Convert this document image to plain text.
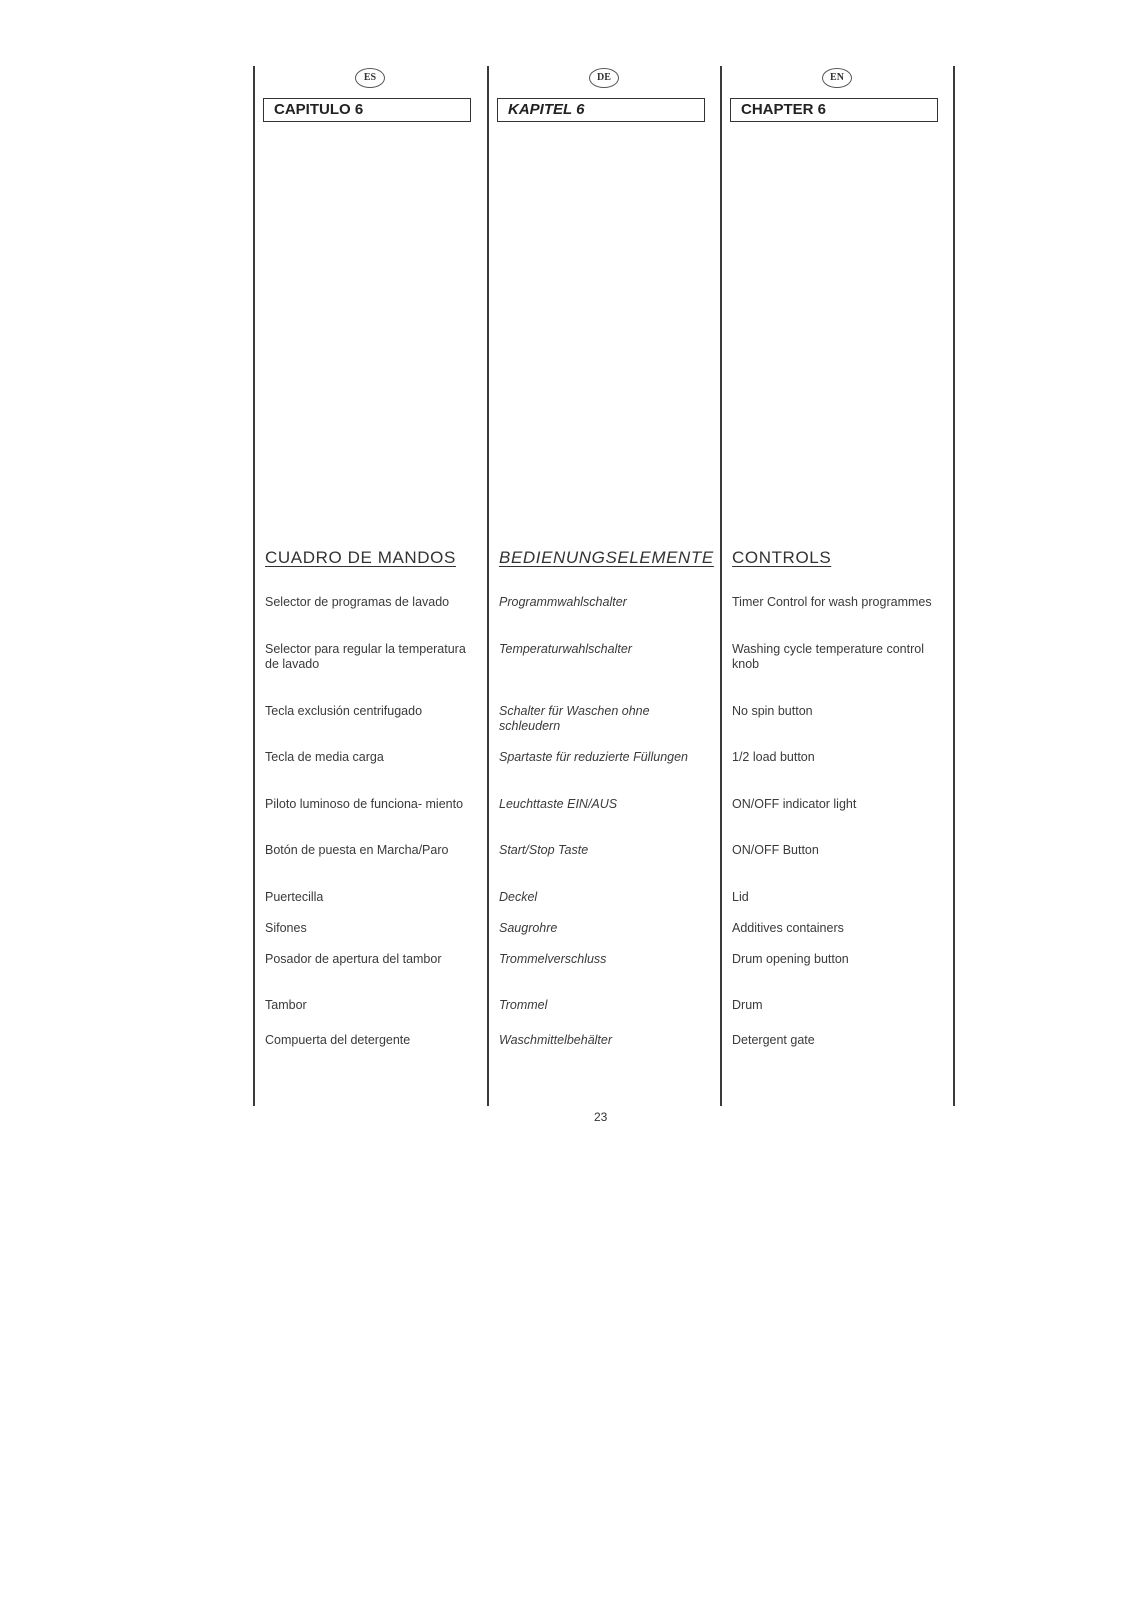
ES
CAPITULO 6
CUADRO DE MANDOS
Selector de programas de lavado
Selector para regular la temperatura de lavado
Tecla exclusión centrifugado
Tecla de media carga
Piloto luminoso de funciona- miento
Botón de puesta en Marcha/Paro
Puertecilla
Sifones
Posador de apertura del tambor
Tambor
Compuerta del detergente
DE
KAPITEL 6
BEDIENUNGSELEMENTE
Programmwahlschalter
Temperaturwahlschalter
Schalter für Waschen ohne schleudern
Spartaste für reduzierte Füllungen
Leuchttaste EIN/AUS
Start/Stop Taste
Deckel
Saugrohre
Trommelverschluss
Trommel
Waschmittelbehälter
EN
CHAPTER 6
CONTROLS
Timer Control for wash programmes
Washing cycle temperature control knob
No spin button
1/2 load button
ON/OFF indicator light
ON/OFF Button
Lid
Additives containers
Drum opening button
Drum
Detergent gate
23
